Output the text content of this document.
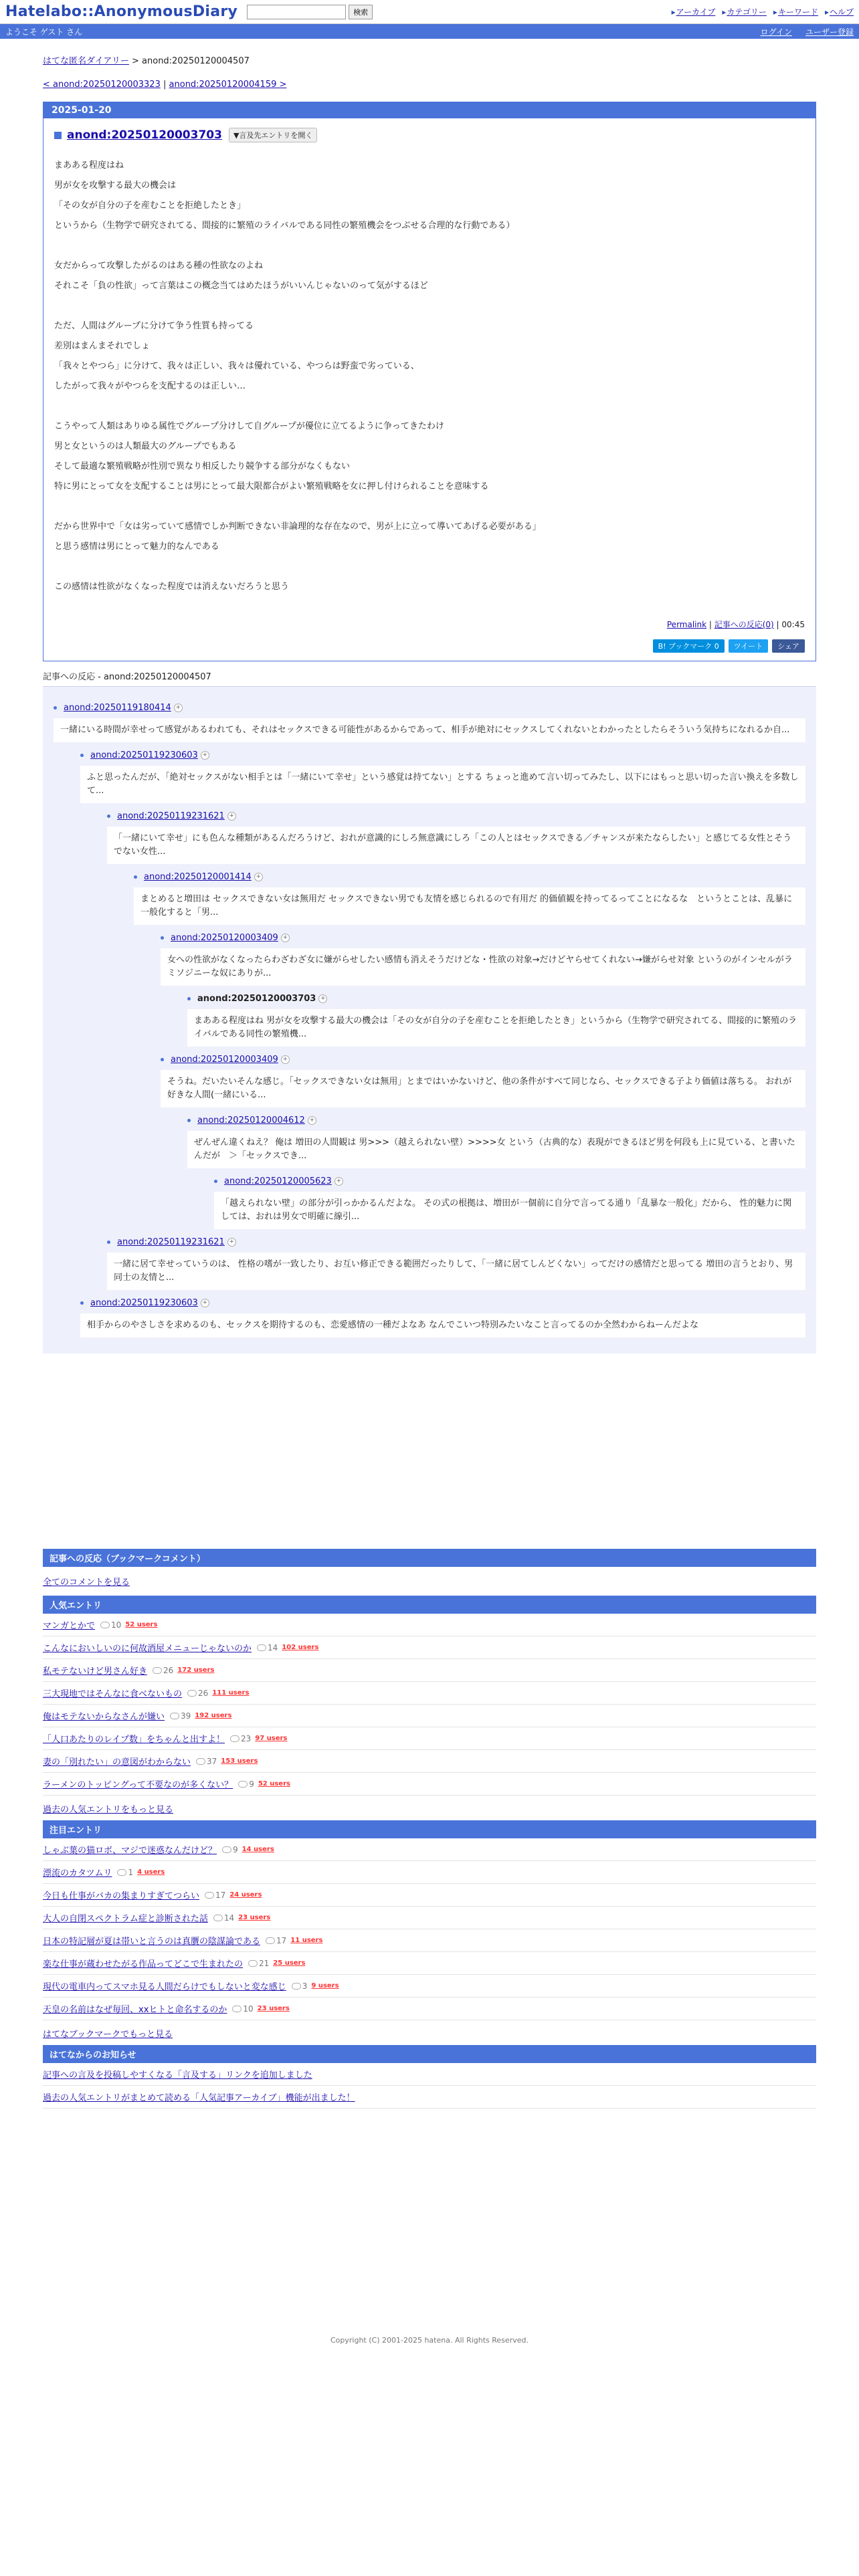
Hatelabo::AnonymousDiary	検索	▸ アーカイブ	▸ カテゴリー	▸ キーワード	▸ ヘルプ
ようこそ ゲスト さん	ログイン ユーザー登録
はてな匿名ダイアリー > anond:20250120004507
< anond:20250120003323 | anond:20250120004159 >
2025-01-20
anond:20250120003703	▼言及先エントリを開く

まあある程度はね

男が女を攻撃する最大の機会は

「その女が自分の子を産むことを拒絶したとき」

というから（生物学で研究されてる、間接的に繁殖のライバルである同性の繁殖機会をつぶせる合理的な行動である）

女だからって攻撃したがるのはある種の性欲なのよね

それこそ「負の性欲」って言葉はこの概念当てはめたほうがいいんじゃないのって気がするほど

ただ、人間はグループに分けて争う性質も持ってる

差別はまんまそれでしょ

「我々とやつら」に分けて、我々は正しい、我々は優れている、やつらは野蛮で劣っている、

したがって我々がやつらを支配するのは正しい…

こうやって人類はありゆる属性でグループ分けして自グループが優位に立てるように争ってきたわけ

男と女というのは人類最大のグループでもある

そして最適な繁殖戦略が性別で異なり相反したり競争する部分がなくもない

特に男にとって女を支配することは男にとって最大限都合がよい繁殖戦略を女に押し付けられることを意味する

だから世界中で「女は劣っていて感情でしか判断できない非論理的な存在なので、男が上に立って導いてあげる必要がある」

と思う感情は男にとって魅力的なんである

この感情は性欲がなくなった程度では消えないだろうと思う

Permalink | 記事への反応(0) | 00:45
B! ブックマーク 0	ツイート	シェア
記事への反応 - anond:20250120004507
anond:20250119180414 +
一緒にいる時間が幸せって感覚があるわれても、それはセックスできる可能性があるからであって、相手が絶対にセックスしてくれないとわかったとしたらそういう気持ちになれるか自...
anond:20250119230603 +
ふと思ったんだが、「絶対セックスがない相手とは「一緒にいて幸せ」という感覚は持てない」とする ちょっと進めて言い切ってみたし、以下にはもっと思い切った言い換えを多数して...
anond:20250119231621 +
「一緒にいて幸せ」にも色んな種類があるんだろうけど、おれが意識的にしろ無意識にしろ「この人とはセックスできる／チャンスが来たならしたい」と感じてる女性とそうでない女性...
anond:20250120001414 +
まとめると増田は セックスできない女は無用だ セックスできない男でも友情を感じられるので有用だ 的価値観を持ってるってことになるな　というとことは、乱暴に一般化すると「男...
anond:20250120003409 +
女への性欲がなくなったらわざわざ女に嫌がらせしたい感情も消えそうだけどな・性欲の対象→だけどヤらせてくれない→嫌がらせ対象 というのがインセルがラミソジニーな奴にありが...
anond:20250120003703 +
まあある程度はね 男が女を攻撃する最大の機会は「その女が自分の子を産むことを拒絶したとき」というから（生物学で研究されてる、間接的に繁殖のライバルである同性の繁殖機...
anond:20250120003409 +
そうね。だいたいそんな感じ。「セックスできない女は無用」とまではいかないけど、他の条件がすべて同じなら、セックスできる子より価値は落ちる。 おれが好きな人間(一緒にいる...
anond:20250120004612 +
ぜんぜん違くねえ？ 俺は 増田の人間観は 男>>>（越えられない壁）>>>>女 という（古典的な）表現ができるほど男を何段も上に見ている、と書いたんだが　＞「セックスでき...
anond:20250120005623 +
「越えられない壁」の部分が引っかかるんだよな。 その式の根拠は、増田が一個前に自分で言ってる通り「乱暴な一般化」だから、 性的魅力に関しては、おれは男女で明確に線引...
anond:20250119231621 +
一緒に居て幸せっていうのは、 性格の嗜が一致したり、お互い修正できる範囲だったりして、「一緒に居てしんどくない」ってだけの感情だと思ってる 増田の言うとおり、男同士の友情と...
anond:20250119230603 +
相手からのやさしさを求めるのも、セックスを期待するのも、恋愛感情の一種だよなあ なんでこいつ特別みたいなこと言ってるのか全然わからねーんだよな
記事への反応（ブックマークコメント）
全てのコメントを見る
人気エントリ
マンガとかで 10 52 users
こんなにおいしいのに何故酒屋メニューじゃないのか 14 102 users
私モテないけど男さん好き 26 172 users
三大現地ではそんなに食べないもの 26 111 users
俺はモテないからなさんが嫌い 39 192 users
「人口あたりのレイプ数」をちゃんと出すよ！ 23 97 users
妻の「別れたい」の意図がわからない 37 153 users
ラーメンのトッピングって不要なのが多くない？ 9 52 users
過去の人気エントリをもっと見る
注目エントリ
しゃぶ葉の猫ロボ、マジで迷惑なんだけど？ 9 14 users
漂流のカタツムリ 1 4 users
今日も仕事がバカの集まりすぎてつらい 17 24 users
大人の自閉スペクトラム症と診断された話 14 23 users
日本の特記層が夏は帯いと言うのは真贋の陰謀論である 17 11 users
楽な仕事が蔵わせたがる作品ってどこで生まれたの 21 25 users
現代の電車内ってスマホ見る人間だらけでもしないと変な感じ 3 9 users
天皇の名前はなぜ毎回、xxヒトと命名するのか 10 23 users
はてなブックマークでもっと見る
はてなからのお知らせ
記事への言及を投稿しやすくなる「言及する」リンクを追加しました
過去の人気エントリがまとめて読める「人気記事アーカイブ」機能が出ました！
Copyright (C) 2001-2025 hatena. All Rights Reserved.
